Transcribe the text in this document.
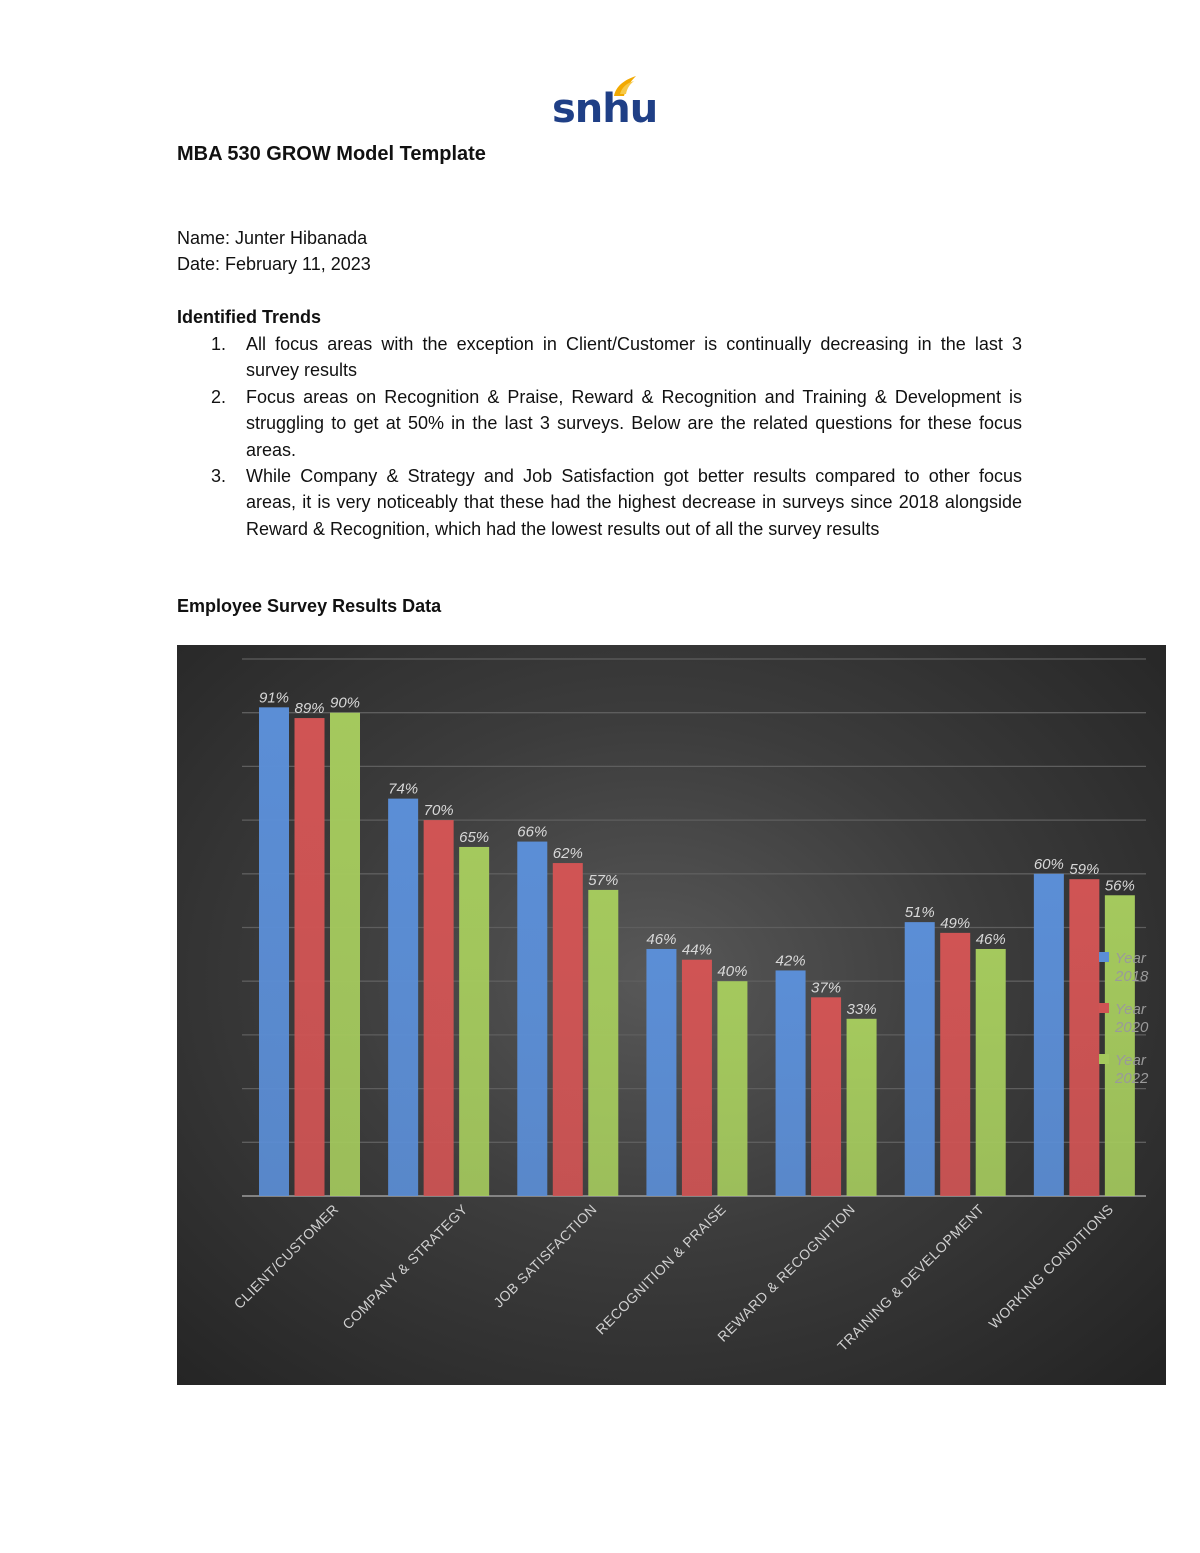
snhu
MBA 530 GROW Model Template
Name: Junter Hibanada
Date: February 11, 2023
Identified Trends
1.	All focus areas with the exception in Client/Customer is continually decreasing in the last 3 survey results
2.	Focus areas on Recognition & Praise, Reward & Recognition and Training & Development is struggling to get at 50% in the last 3 surveys. Below are the related questions for these focus areas.
3.	While Company & Strategy and Job Satisfaction got better results compared to other focus areas, it is very noticeably that these had the highest decrease in surveys since 2018 alongside Reward & Recognition, which had the lowest results out of all the survey results
Employee Survey Results Data
91%
89% 90%
CLIENT/CUSTOMER
74%
70%
65%
COMPANY & STRATEGY
66%
62%
57%
JOB SATISFACTION
46%
44%
40%
RECOGNITION & PRAISE
42%
37%
33%
REWARD & RECOGNITION
51%
49%
46%
TRAINING & DEVELOPMENT
60% 59%
56%
WORKING CONDITIONS
Year
2018
Year
2020
Year
2022
